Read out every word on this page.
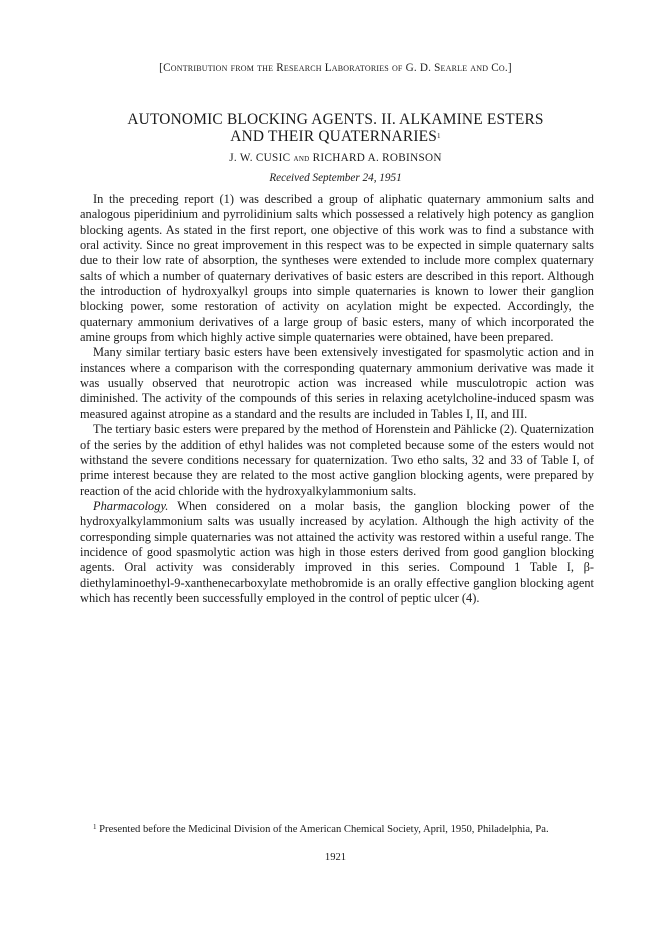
[Contribution from the Research Laboratories of G. D. Searle and Co.]
AUTONOMIC BLOCKING AGENTS. II. ALKAMINE ESTERS
AND THEIR QUATERNARIES$^1$
J. W. CUSIC and RICHARD A. ROBINSON
Received September 24, 1951

In the preceding report (1) was described a group of aliphatic quaternary ammonium salts and analogous piperidinium and pyrrolidinium salts which possessed a relatively high potency as ganglion blocking agents. As stated in the first report, one objective of this work was to find a substance with oral activity. Since no great improvement in this respect was to be expected in simple quaternary salts due to their low rate of absorption, the syntheses were extended to include more complex quaternary salts of which a number of quaternary derivatives of basic esters are described in this report. Although the introduction of hydroxyalkyl groups into simple quaternaries is known to lower their ganglion blocking power, some restoration of activity on acylation might be expected. Accordingly, the quaternary ammonium derivatives of a large group of basic esters, many of which incorporated the amine groups from which highly active simple quaternaries were obtained, have been prepared.

Many similar tertiary basic esters have been extensively investigated for spasmolytic action and in instances where a comparison with the corresponding quaternary ammonium derivative was made it was usually observed that neurotropic action was increased while musculotropic action was diminished. The activity of the compounds of this series in relaxing acetylcholine-induced spasm was measured against atropine as a standard and the results are included in Tables I, II, and III.

The tertiary basic esters were prepared by the method of Horenstein and Pählicke (2). Quaternization of the series by the addition of ethyl halides was not completed because some of the esters would not withstand the severe conditions necessary for quaternization. Two etho salts, 32 and 33 of Table I, of prime interest because they are related to the most active ganglion blocking agents, were prepared by reaction of the acid chloride with the hydroxyalkylammonium salts.

Pharmacology. When considered on a molar basis, the ganglion blocking power of the hydroxyalkylammonium salts was usually increased by acylation. Although the high activity of the corresponding simple quaternaries was not attained the activity was restored within a useful range. The incidence of good spasmolytic action was high in those esters derived from good ganglion blocking agents. Oral activity was considerably improved in this series. Compound 1 Table I, β-diethylaminoethyl-9-xanthenecarboxylate methobromide is an orally effective ganglion blocking agent which has recently been successfully employed in the control of peptic ulcer (4).

$^1$ Presented before the Medicinal Division of the American Chemical Society, April, 1950, Philadelphia, Pa.

1921
